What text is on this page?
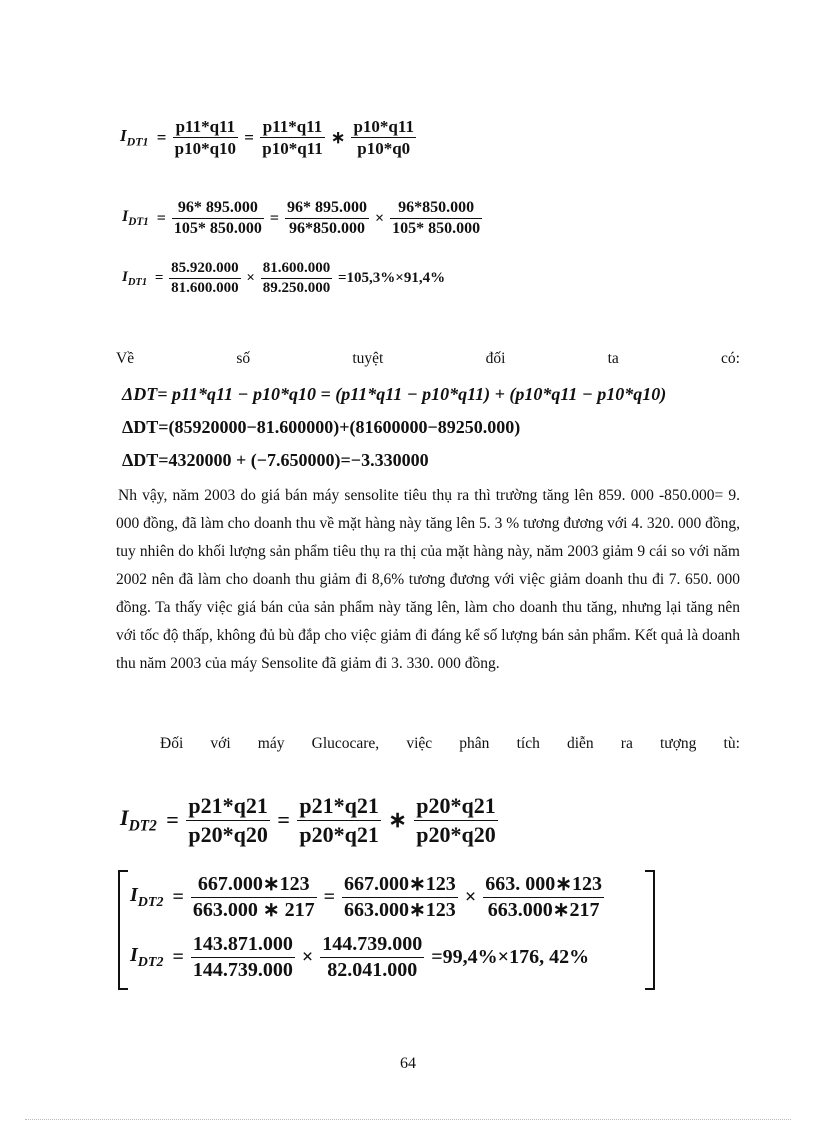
$I_{DT1} = \frac{p11*q11}{p10*q10} = \frac{p11*q11}{p10*q11}$ ∗ $\frac{p10*q11}{p10*q0}$
$I_{DT1} = \frac{96* 895.000}{105* 850.000} = \frac{96* 895.000}{96*850.000} \times \frac{96*850.000}{105* 850.000}$
$I_{DT1} = \frac{85.920.000}{81.600.000} \times \frac{81.600.000}{89.250.000} =105,3\%\times 91,4\%$
Về	số	tuyệt	đối	ta	có:
ΔDT= p11*q11 − p10*q10 = (p11*q11 − p10*q11) + (p10*q11 − p10*q10)
ΔDT=(85920000−81.600000)+(81600000−89250.000)
ΔDT=4320000 + (−7.650000)=−3.330000
Nh vậy, năm 2003 do giá bán máy sensolite tiêu thụ ra thì trường tăng lên 859. 000 -850.000= 9. 000 đồng, đã làm cho doanh thu về mặt hàng này tăng lên 5. 3 % tương đương với 4. 320. 000 đồng, tuy nhiên do khối lượng sản phẩm tiêu thụ ra thị của mặt hàng này, năm 2003 giảm 9 cái so với năm 2002 nên đã làm cho doanh thu giảm đi 8,6% tương đương với việc giảm doanh thu đi 7. 650. 000 đồng. Ta thấy việc giá bán của sản phẩm này tăng lên, làm cho doanh thu tăng, nhưng lại tăng nên với tốc độ thấp, không đủ bù đắp cho việc giảm đi đáng kể số lượng bán sản phẩm. Kết quả là doanh thu năm 2003 của máy Sensolite đã giảm đi 3. 330. 000 đồng.
Đối với máy Glucocare, việc phân tích diễn ra tượng tù:
$I_{DT2} = \frac{p21*q21}{p20*q20} = \frac{p21*q21}{p20*q21}$ ∗ $\frac{p20*q21}{p20*q20}$
$I_{DT2} = \frac{667.000∗123}{663.000 ∗ 217} = \frac{667.000∗123}{663.000∗123} \times \frac{663. 000∗123}{663.000∗217}$
$I_{DT2} = \frac{143.871.000}{144.739.000} \times \frac{144.739.000}{82.041.000} =99,4\%\times 176$, 42%
64
